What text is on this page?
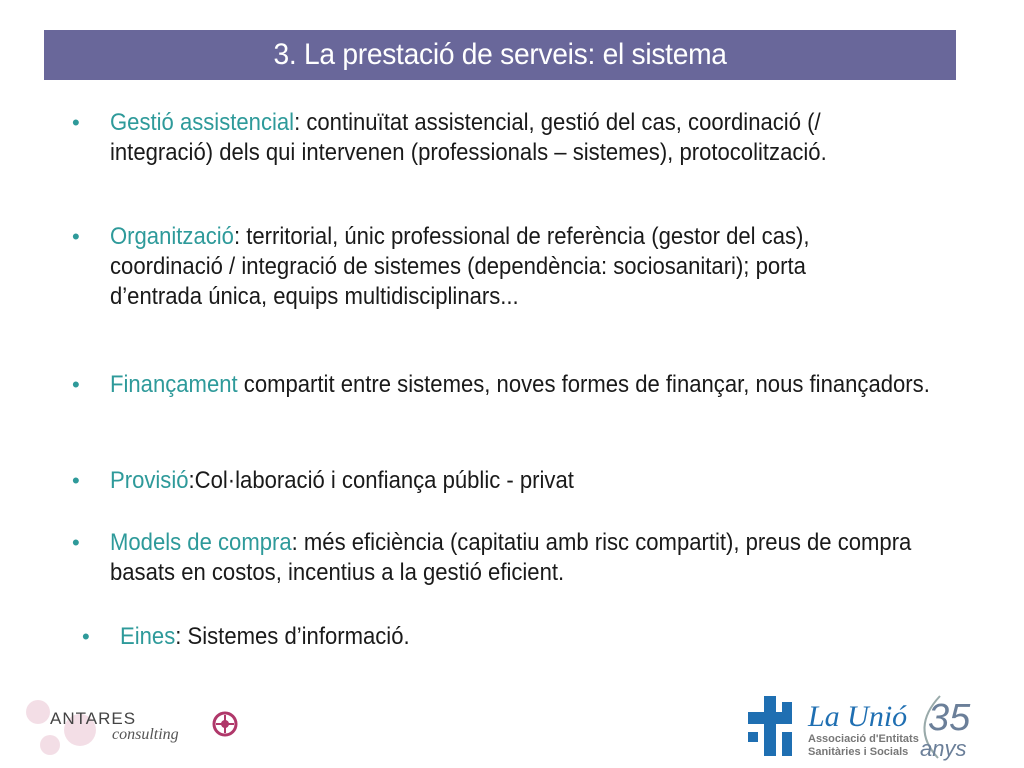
3. La prestació de serveis: el sistema
• Gestió assistencial: continuïtat assistencial, gestió del cas, coordinació (/ integració) dels qui intervenen (professionals – sistemes), protocolització.
• Organització: territorial, únic professional de referència (gestor del cas), coordinació / integració de sistemes (dependència: sociosanitari); porta d’entrada única, equips multidisciplinars...
• Finançament compartit entre sistemes, noves formes de finançar, nous finançadors.
• Provisió:Col·laboració i confiança públic - privat
• Models de compra: més eficiència (capitatiu amb risc compartit), preus de compra basats en costos, incentius a la gestió eficient.
• Eines: Sistemes d’informació.
ANTARES
consulting
La Unió
Associació d'Entitats
Sanitàries i Socials
35
anys
